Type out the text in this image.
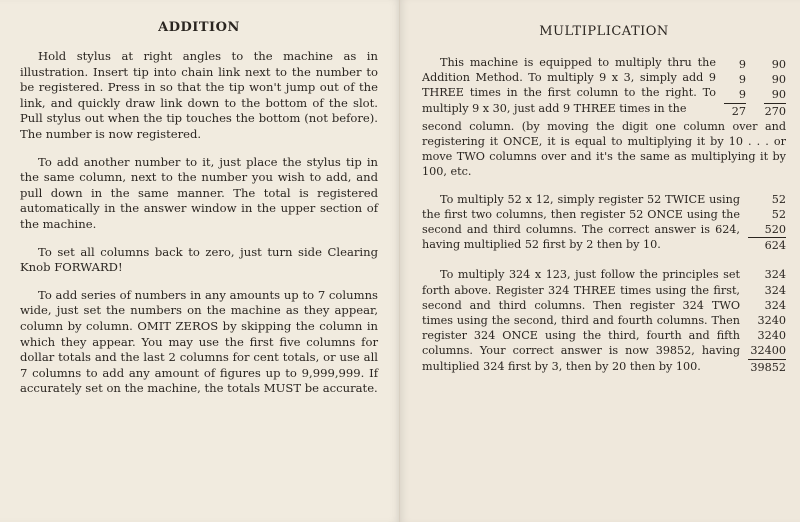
ADDITION

Hold stylus at right angles to the machine as in illustration. Insert tip into chain link next to the number to be registered. Press in so that the tip won't jump out of the link, and quickly draw link down to the bottom of the slot. Pull stylus out when the tip touches the bottom (not before). The number is now registered.

To add another number to it, just place the stylus tip in the same column, next to the number you wish to add, and pull down in the same manner. The total is registered automatically in the answer window in the upper section of the machine.

To set all columns back to zero, just turn side Clearing Knob FORWARD!

To add series of numbers in any amounts up to 7 columns wide, just set the numbers on the machine as they appear, column by column. OMIT ZEROS by skipping the column in which they appear. You may use the first five columns for dollar totals and the last 2 columns for cent totals, or use all 7 columns to add any amount of figures up to 9,999,999. If accurately set on the machine, the totals MUST be accurate.

MULTIPLICATION
This machine is equipped to multiply thru the Addition Method. To multiply 9 x 3, simply add 9 THREE times in the first column to the right. To multiply 9 x 30, just add 9 THREE times in the
9
9
9
27
90
90
90
270

second column. (by moving the digit one column over and registering it ONCE, it is equal to multiplying it by 10 . . . or move TWO columns over and it's the same as multiplying it by 100, etc.

To multiply 52 x 12, simply register 52 TWICE using the first two columns, then register 52 ONCE using the second and third columns. The correct answer is 624, having multiplied 52 first by 2 then by 10.
52
52
520
624
To multiply 324 x 123, just follow the principles set forth above. Register 324 THREE times using the first, second and third columns. Then register 324 TWO times using the second, third and fourth columns. Then register 324 ONCE using the third, fourth and fifth columns. Your correct answer is now 39852, having multiplied 324 first by 3, then by 20 then by 100.
324
324
324
3240
3240
32400
39852
